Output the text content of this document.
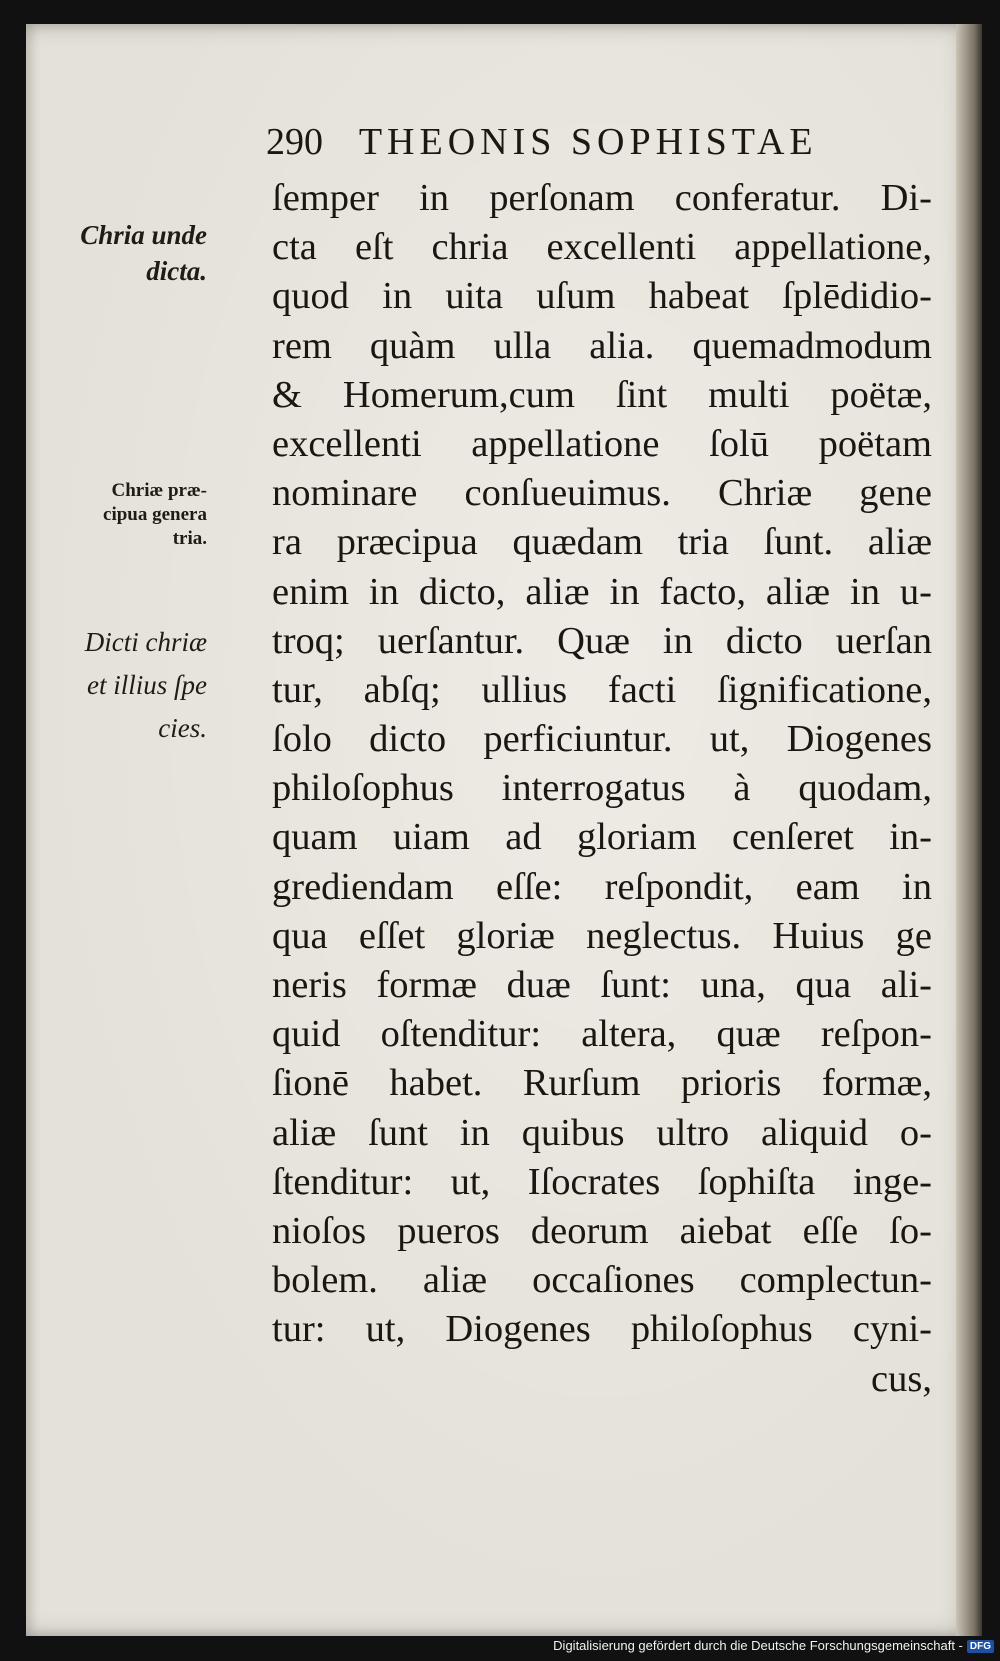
290 THEONIS SOPHISTAE
Chria unde
dicta.
Chriæ præ-
cipua genera
tria.
Dicti chriæ
et illius ſpe
cies.
ſemper in perſonam conferatur. Di-
cta eſt chria excellenti appellatione,
quod in uita uſum habeat ſplēdidio-
rem quàm ulla alia. quemadmodum
& Homerum,cum ſint multi poëtæ,
excellenti appellatione ſolū poëtam
nominare conſueuimus. Chriæ gene
ra præcipua quædam tria ſunt. aliæ
enim in dicto, aliæ in facto, aliæ in u-
troq; uerſantur. Quæ in dicto uerſan
tur, abſq; ullius facti ſignificatione,
ſolo dicto perficiuntur. ut, Diogenes
philoſophus interrogatus à quodam,
quam uiam ad gloriam cenſeret in-
grediendam eſſe: reſpondit, eam in
qua eſſet gloriæ neglectus. Huius ge
neris formæ duæ ſunt: una, qua ali-
quid oſtenditur: altera, quæ reſpon-
ſionē habet. Rurſum prioris formæ,
aliæ ſunt in quibus ultro aliquid o-
ſtenditur: ut, Iſocrates ſophiſta inge-
nioſos pueros deorum aiebat eſſe ſo-
bolem. aliæ occaſiones complectun-
tur: ut, Diogenes philoſophus cyni-
cus,
Digitalisierung gefördert durch die Deutsche Forschungsgemeinschaft - DFG
